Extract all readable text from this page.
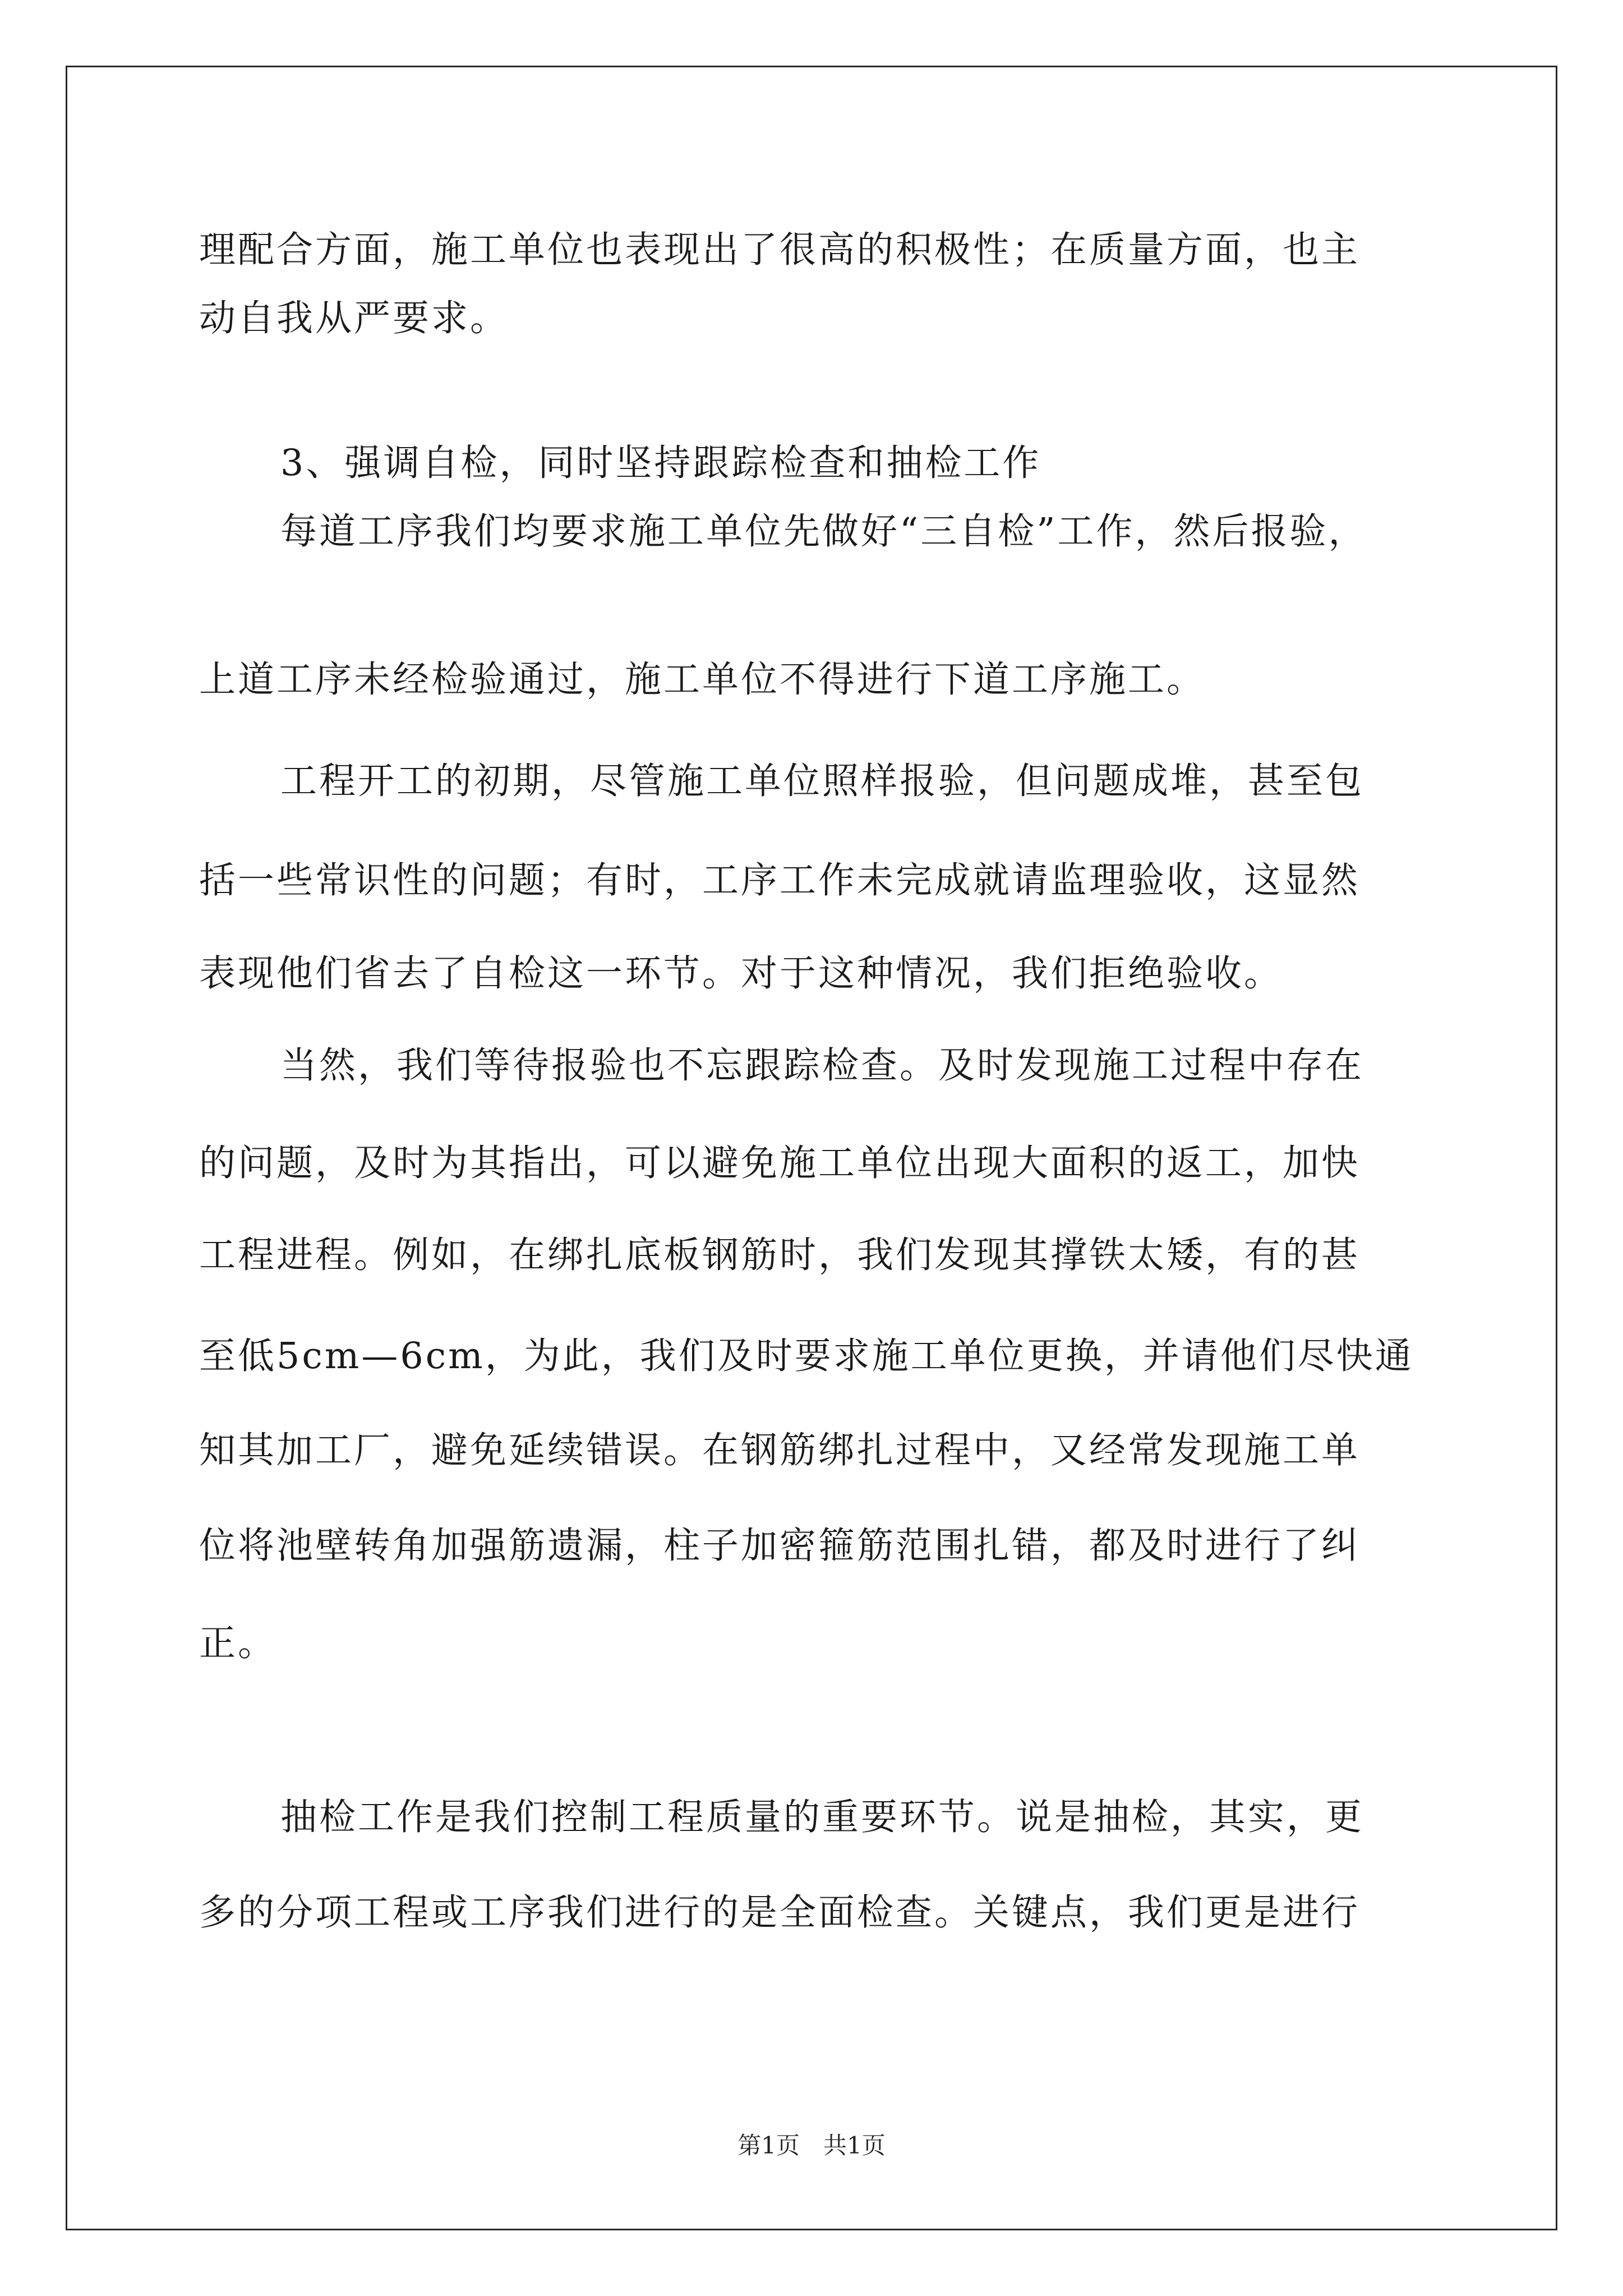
理配合方面，施工单位也表现出了很高的积极性；在质量方面，也主
动自我从严要求。
3、强调自检，同时坚持跟踪检查和抽检工作
每道工序我们均要求施工单位先做好“三自检”工作，然后报验，
上道工序未经检验通过，施工单位不得进行下道工序施工。
工程开工的初期，尽管施工单位照样报验，但问题成堆，甚至包
括一些常识性的问题；有时，工序工作未完成就请监理验收，这显然
表现他们省去了自检这一环节。对于这种情况，我们拒绝验收。
当然，我们等待报验也不忘跟踪检查。及时发现施工过程中存在
的问题，及时为其指出，可以避免施工单位出现大面积的返工，加快
工程进程。例如，在绑扎底板钢筋时，我们发现其撑铁太矮，有的甚
至低5cm—6cm，为此，我们及时要求施工单位更换，并请他们尽快通
知其加工厂，避免延续错误。在钢筋绑扎过程中，又经常发现施工单
位将池壁转角加强筋遗漏，柱子加密箍筋范围扎错，都及时进行了纠
正。
抽检工作是我们控制工程质量的重要环节。说是抽检，其实，更
多的分项工程或工序我们进行的是全面检查。关键点，我们更是进行
第1页　共1页
